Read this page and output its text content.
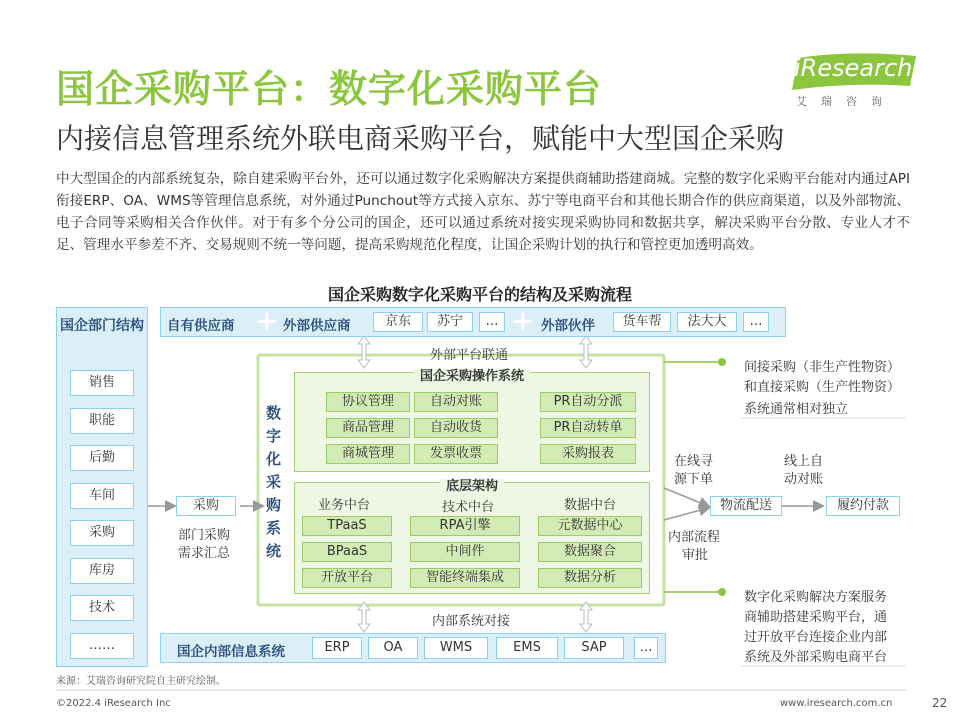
国企采购平台：数字化采购平台
内接信息管理系统外联电商采购平台，赋能中大型国企采购
iResearch
艾瑞咨询
中大型国企的内部系统复杂，除自建采购平台外，还可以通过数字化采购解决方案提供商辅助搭建商城。完整的数字化采购平台能对内通过API衔接ERP、OA、WMS等管理信息系统，对外通过Punchout等方式接入京东、苏宁等电商平台和其他长期合作的供应商渠道，以及外部物流、电子合同等采购相关合作伙伴。对于有多个分公司的国企，还可以通过系统对接实现采购协同和数据共享，解决采购平台分散、专业人才不足、管理水平参差不齐、交易规则不统一等问题，提高采购规范化程度，让国企采购计划的执行和管控更加透明高效。
国企采购数字化采购平台的结构及采购流程
国企部门结构
销售
职能
后勤
车间
采购
库房
技术
……
自有供应商 + 外部供应商	京东	苏宁	… + 外部伙伴	货车帮	法大大	…
外部平台联通
数字化采购系统
国企采购操作系统
协议管理	自动对账	PR自动分派
商品管理	自动收货	PR自动转单
商城管理	发票收票	采购报表
底层架构
业务中台	技术中台	数据中台
TPaaS	RPA引擎	元数据中心
BPaaS	中间件	数据聚合
开放平台	智能终端集成	数据分析
内部系统对接
国企内部信息系统	ERP	OA	WMS	EMS	SAP	…
采购
部门采购
需求汇总
在线寻
源下单
内部流程
审批
线上自
动对账
物流配送	履约付款
间接采购（非生产性物资）
和直接采购（生产性物资）
系统通常相对独立
数字化采购解决方案服务
商辅助搭建采购平台，通
过开放平台连接企业内部
系统及外部采购电商平台
来源：艾瑞咨询研究院自主研究绘制。
©2022.4 iResearch Inc	www.iresearch.com.cn	22
